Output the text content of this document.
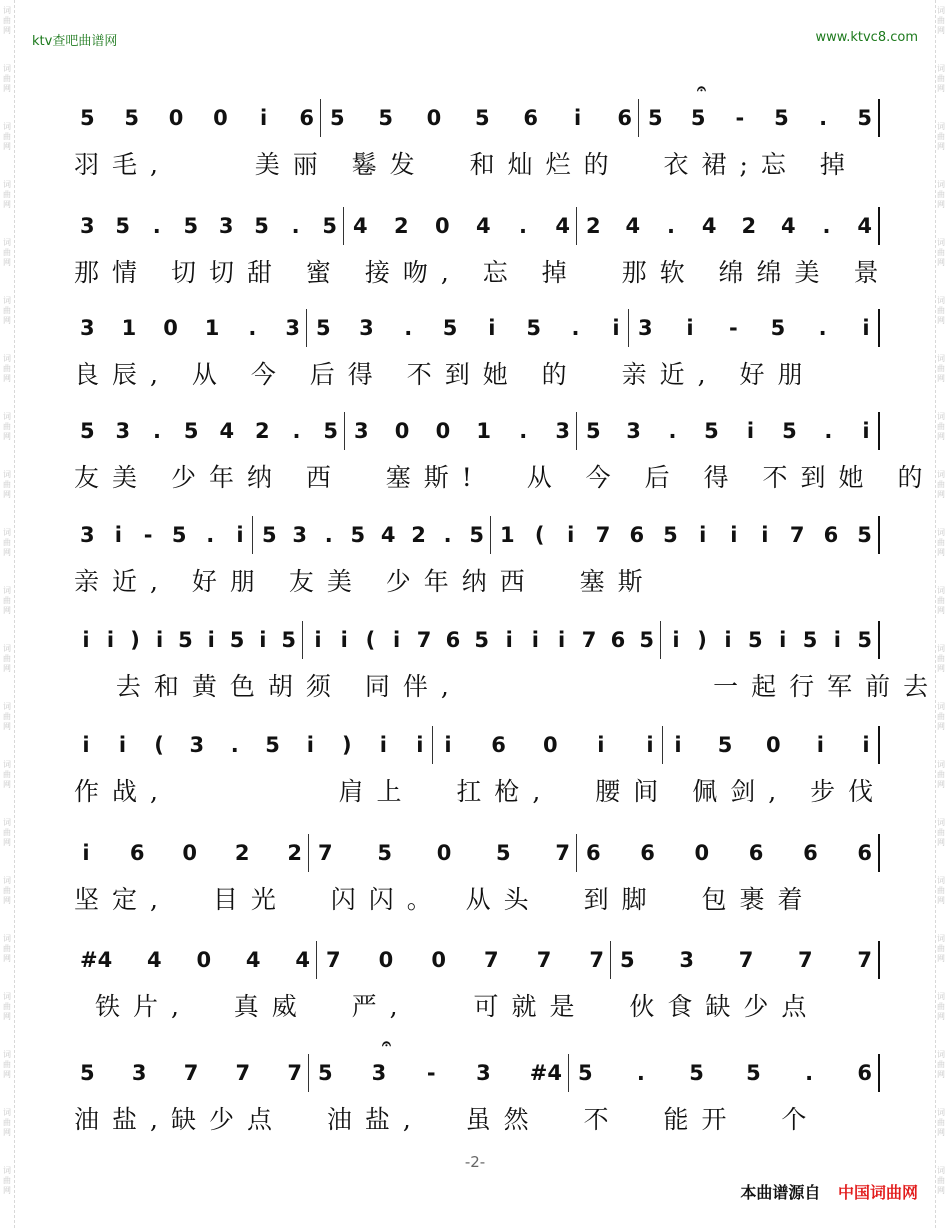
词
曲
网
词
曲
网
词
曲
网
词
曲
网
词
曲
网
词
曲
网
词
曲
网
词
曲
网
词
曲
网
词
曲
网
词
曲
网
词
曲
网
词
曲
网
词
曲
网
词
曲
网
词
曲
网
词
曲
网
词
曲
网
词
曲
网
词
曲
网
词
曲
网
词
曲
网
词
曲
网
词
曲
网
词
曲
网
词
曲
网
词
曲
网
词
曲
网
词
曲
网
词
曲
网
词
曲
网
词
曲
网
词
曲
网
词
曲
网
词
曲
网
词
曲
网
词
曲
网
词
曲
网
词
曲
网
词
曲
网
词
曲
网
词
曲
网
ktv查吧曲谱网	www.ktvc8.com
5 5 0 0 i 6 5 5 0 5 6 i 6 5 5 - 5 . 5
𝄐
羽毛,    美丽 鬈发  和灿烂的  衣裙;忘 掉
3 5 . 5 3 5 . 5 4 2 0 4 . 4 2 4 . 4 2 4 . 4
那情 切切甜 蜜 接吻, 忘 掉  那软 绵绵美 景
3 1 0 1 . 3 5 3 . 5 i 5 . i 3 i - 5 . i
良辰, 从 今 后得 不到她 的  亲近, 好朋
5 3 . 5 4 2 . 5 3 0 0 1 . 3 5 3 . 5 i 5 . i
友美 少年纳 西  塞斯!  从 今 后 得 不到她 的
3 i - 5 . i 5 3 . 5 4 2 . 5 1 ( i 7 6 5 i i i 7 6 5
亲近, 好朋 友美 少年纳西  塞斯
i i ) i 5 i 5 i 5 i i ( i 7 6 5 i i i 7 6 5 i ) i 5 i 5 i 5
去和黄色胡须 同伴,            一起行军前去
i i ( 3 . 5 i ) i i i 6 0 i i i 5 0 i i
作战,        肩上  扛枪,  腰间 佩剑, 步伐
i 6 0 2 2 7 5 0 5 7 6 6 0 6 6 6
坚定,  目光  闪闪。 从头  到脚  包裹着
#4 4 0 4 4 7 0 0 7 7 7 5 3 7 7 7
铁片,  真威  严,   可就是  伙食缺少点
5 3 7 7 7 5 3 - 3 #4 5 . 5 5 . 6
𝄐
油盐,缺少点  油盐,  虽然  不  能开  个
-2-
本曲谱源自 中国词曲网
